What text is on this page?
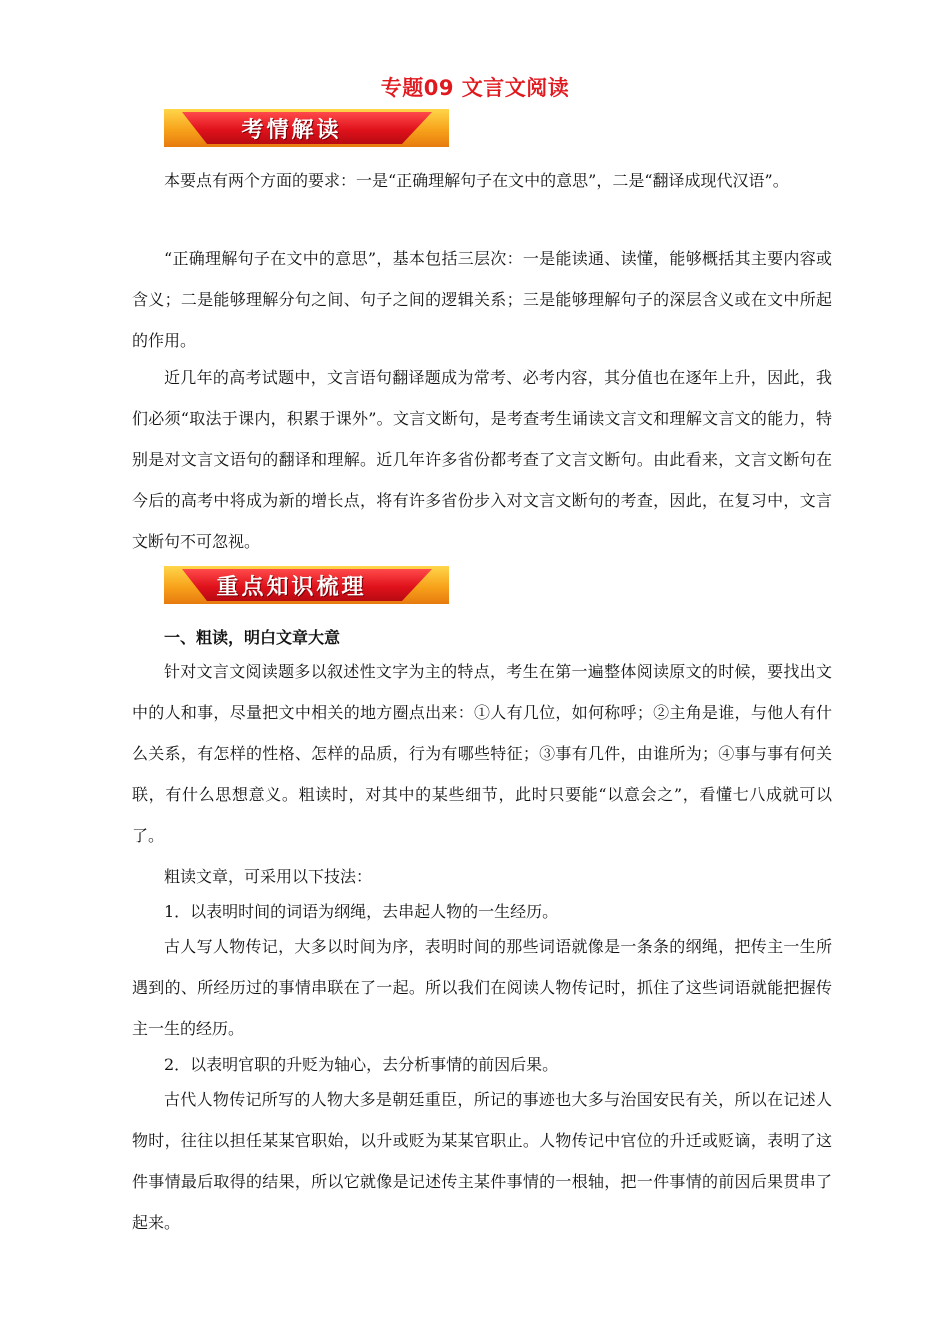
专题09 文言文阅读
考情解读
本要点有两个方面的要求：一是“正确理解句子在文中的意思”，二是“翻译成现代汉语”。
“正确理解句子在文中的意思”，基本包括三层次：一是能读通、读懂，能够概括其主要内容或含义；二是能够理解分句之间、句子之间的逻辑关系；三是能够理解句子的深层含义或在文中所起的作用。
近几年的高考试题中，文言语句翻译题成为常考、必考内容，其分值也在逐年上升，因此，我们必须“取法于课内，积累于课外”。文言文断句，是考查考生诵读文言文和理解文言文的能力，特别是对文言文语句的翻译和理解。近几年许多省份都考查了文言文断句。由此看来，文言文断句在今后的高考中将成为新的增长点，将有许多省份步入对文言文断句的考查，因此，在复习中，文言文断句不可忽视。
重点知识梳理
一、粗读，明白文章大意
针对文言文阅读题多以叙述性文字为主的特点，考生在第一遍整体阅读原文的时候，要找出文中的人和事，尽量把文中相关的地方圈点出来：①人有几位，如何称呼；②主角是谁，与他人有什么关系，有怎样的性格、怎样的品质，行为有哪些特征；③事有几件，由谁所为；④事与事有何关联，有什么思想意义。粗读时，对其中的某些细节，此时只要能“以意会之”，看懂七八成就可以了。
粗读文章，可采用以下技法：
1．以表明时间的词语为纲绳，去串起人物的一生经历。
古人写人物传记，大多以时间为序，表明时间的那些词语就像是一条条的纲绳，把传主一生所遇到的、所经历过的事情串联在了一起。所以我们在阅读人物传记时，抓住了这些词语就能把握传主一生的经历。
2．以表明官职的升贬为轴心，去分析事情的前因后果。
古代人物传记所写的人物大多是朝廷重臣，所记的事迹也大多与治国安民有关，所以在记述人物时，往往以担任某某官职始，以升或贬为某某官职止。人物传记中官位的升迁或贬谪，表明了这件事情最后取得的结果，所以它就像是记述传主某件事情的一根轴，把一件事情的前因后果贯串了起来。
